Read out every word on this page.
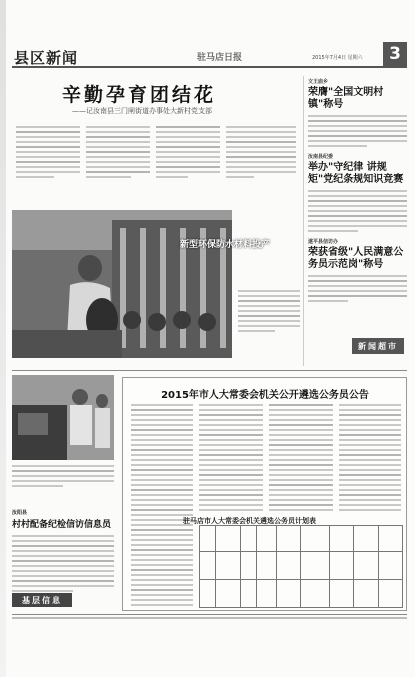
县区新闻	驻马店日报	2015年7月4日 星期六	3
辛勤孕育团结花
——记汝南县三门闸街道办事处大新村党支部
文王庙乡
荣膺"全国文明村镇"称号
汝南县纪委
举办"守纪律 讲规矩"党纪条规知识竞赛
遂平县信访办
荣获省级"人民满意公务员示范岗"称号
新闻超市
新型环保防水材料投产
汝阳县
村村配备纪检信访信息员
基层信息
2015年市人大常委会机关公开遴选公务员公告
驻马店市人大常委会机关遴选公务员计划表
